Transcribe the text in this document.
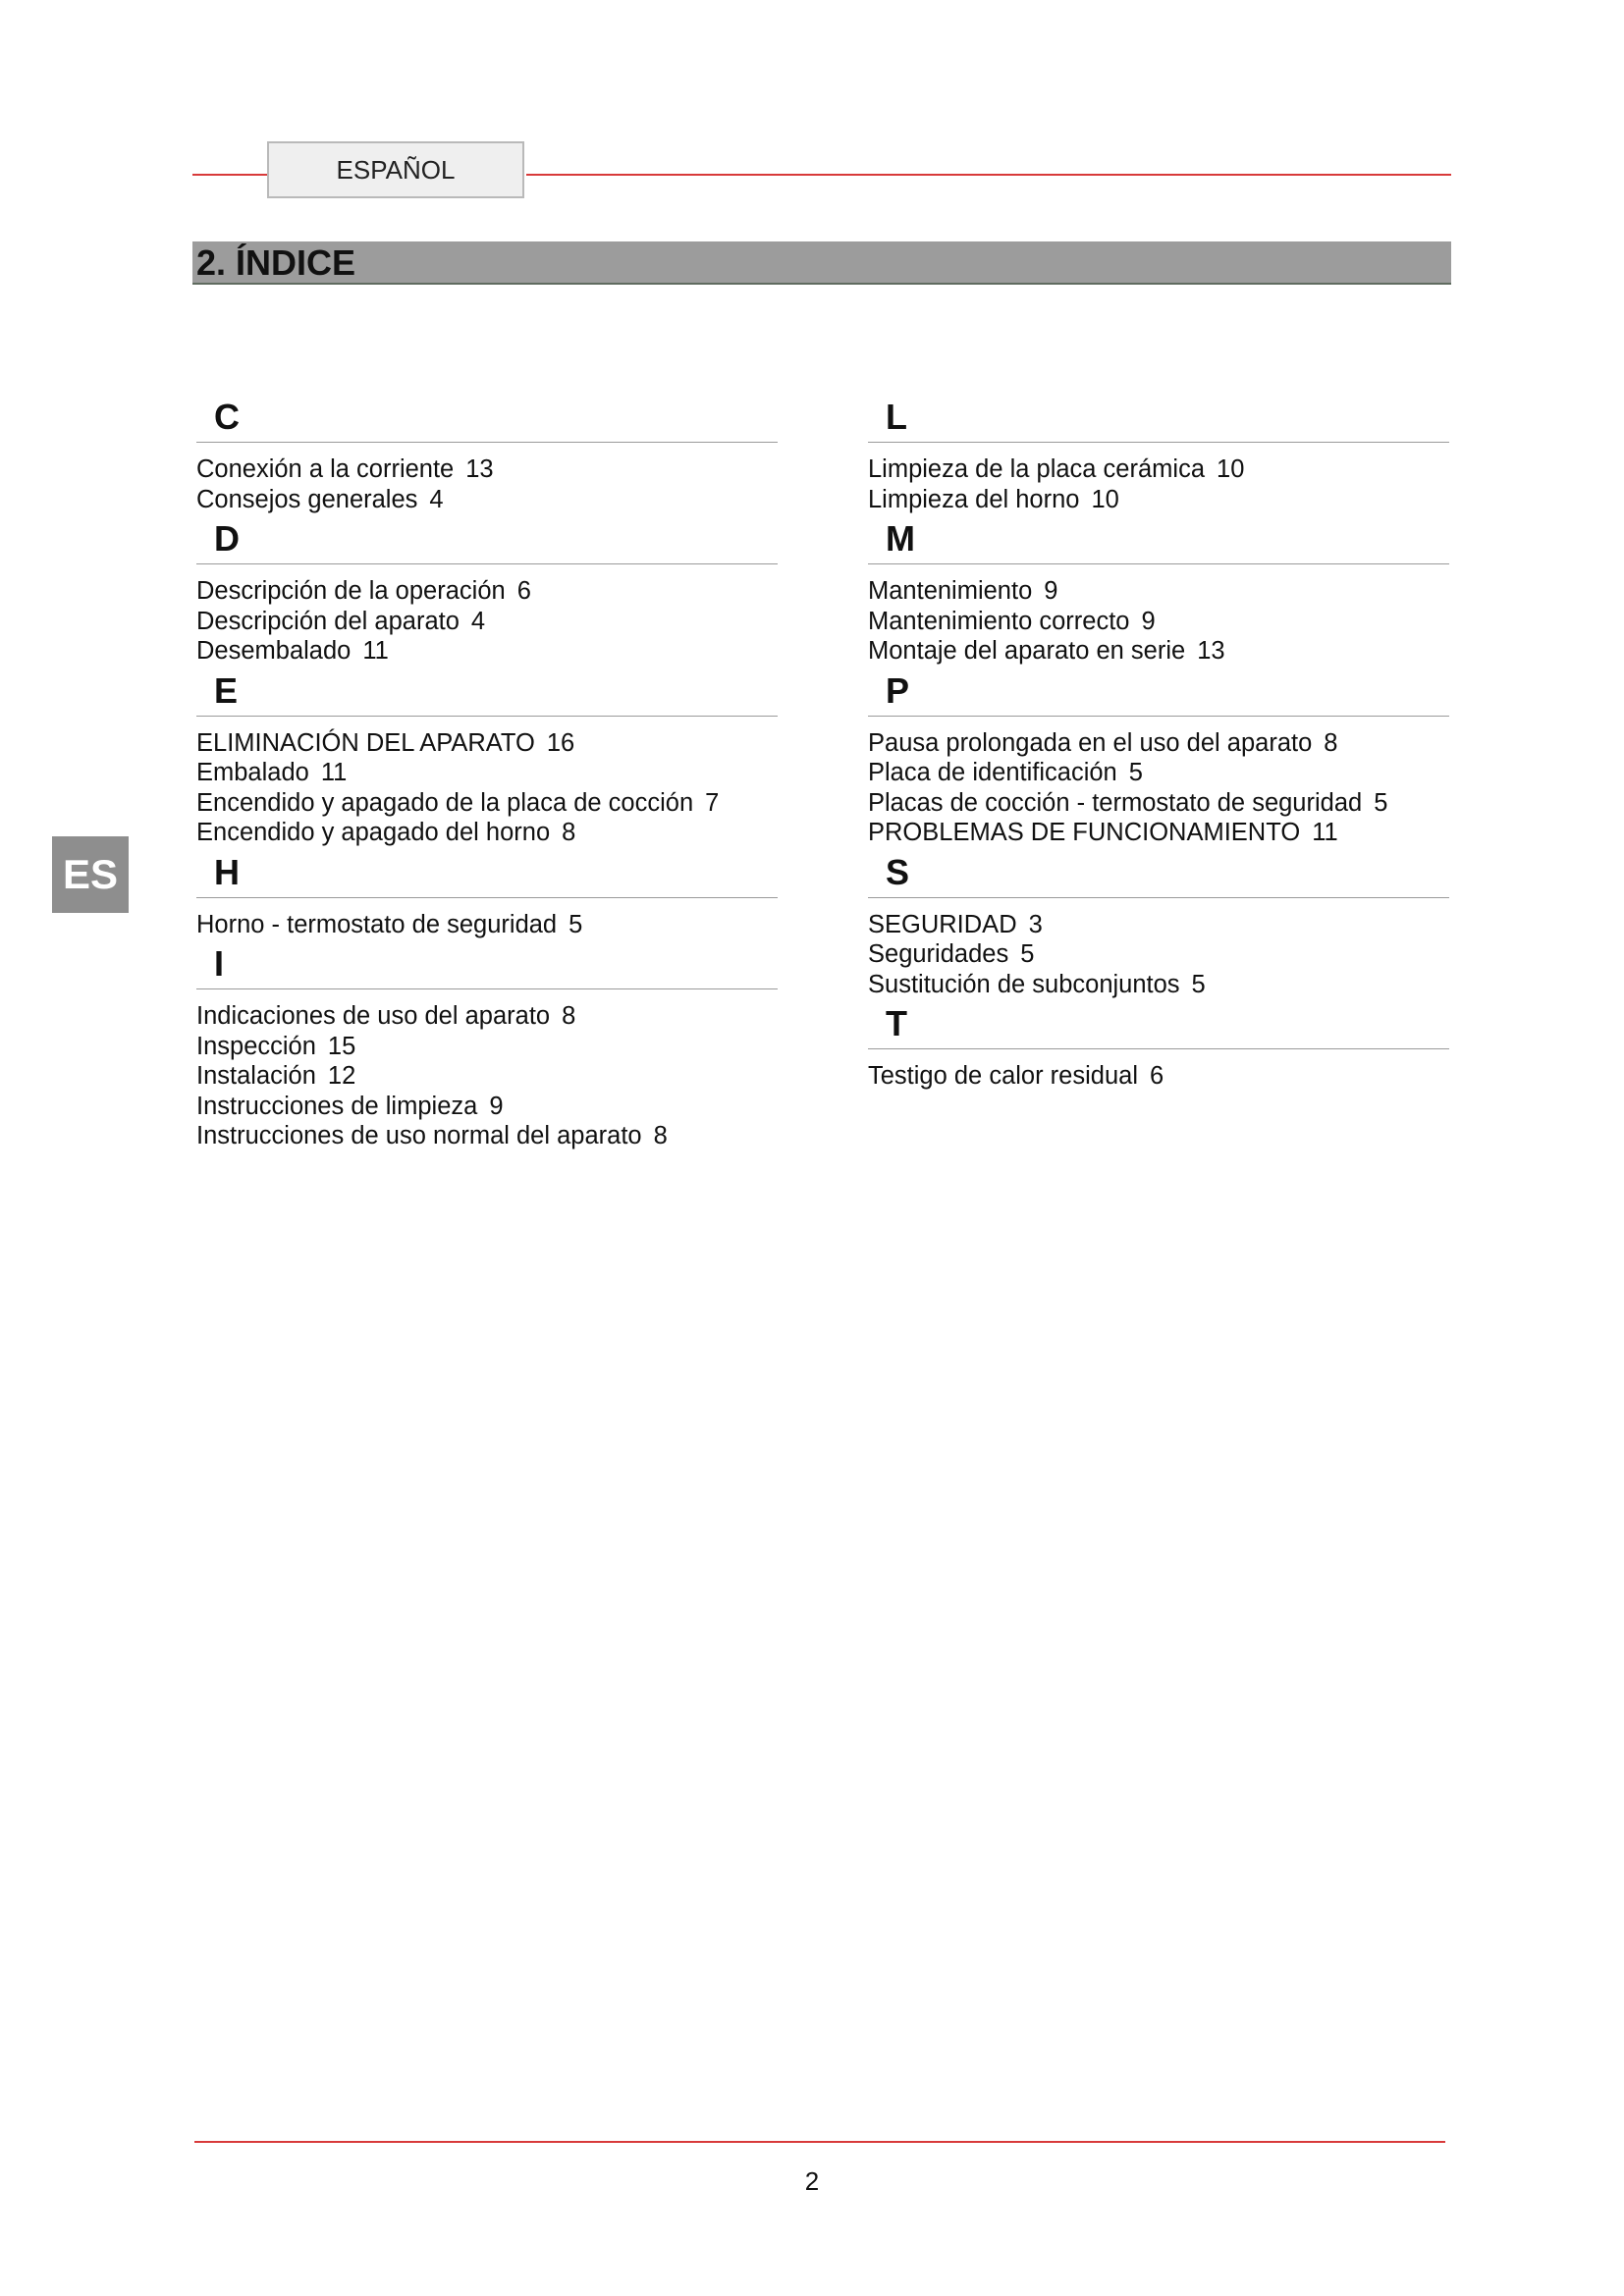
ESPAÑOL
2. ÍNDICE
ES
C
Conexión a la corriente 13
Consejos generales 4
D
Descripción de la operación 6
Descripción del aparato 4
Desembalado 11
E
ELIMINACIÓN DEL APARATO 16
Embalado 11
Encendido y apagado de la placa de cocción 7
Encendido y apagado del horno 8
H
Horno - termostato de seguridad 5
I
Indicaciones de uso del aparato 8
Inspección 15
Instalación 12
Instrucciones de limpieza 9
Instrucciones de uso normal del aparato 8
L
Limpieza de la placa cerámica 10
Limpieza del horno 10
M
Mantenimiento 9
Mantenimiento correcto 9
Montaje del aparato en serie 13
P
Pausa prolongada en el uso del aparato 8
Placa de identificación 5
Placas de cocción - termostato de seguridad 5
PROBLEMAS DE FUNCIONAMIENTO 11
S
SEGURIDAD 3
Seguridades 5
Sustitución de subconjuntos 5
T
Testigo de calor residual 6
2
